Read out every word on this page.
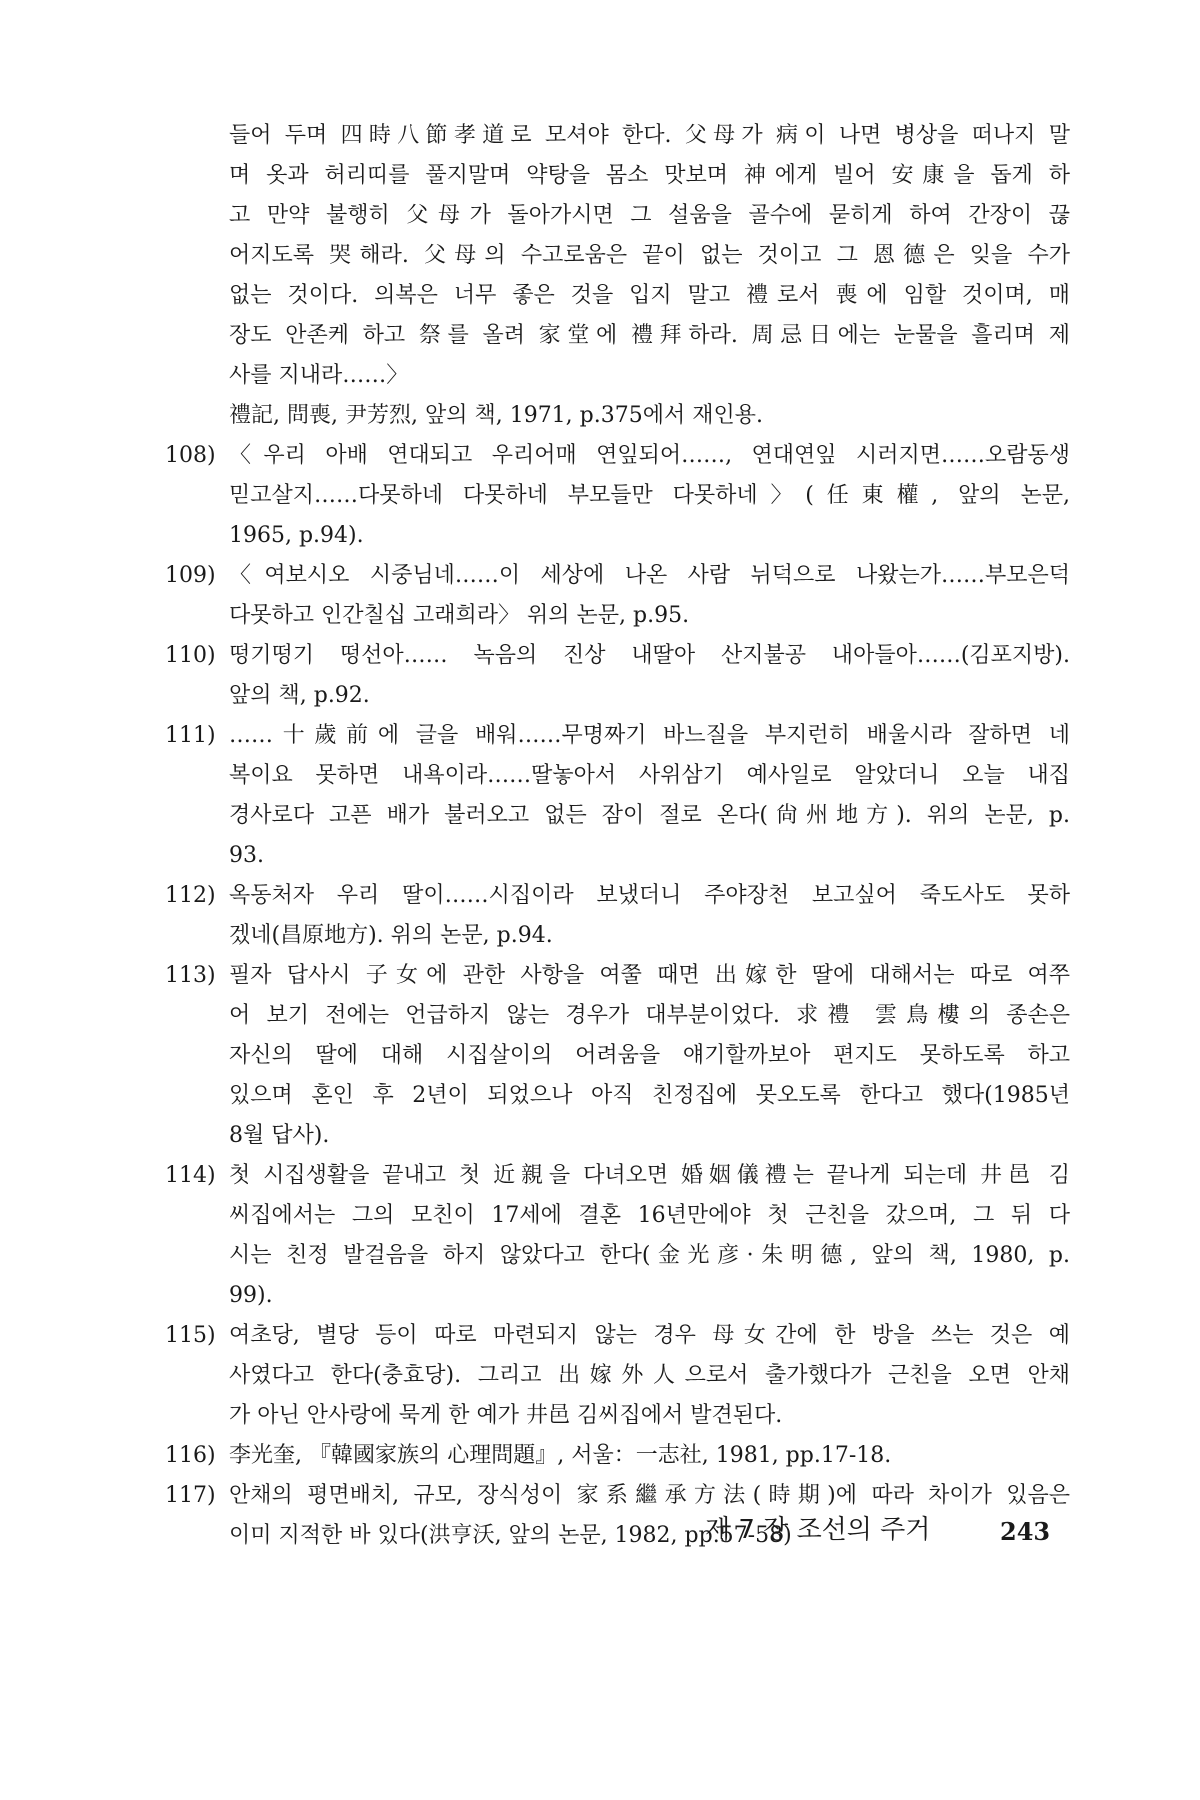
들어 두며 四時八節孝道로 모셔야 한다. 父母가 病이 나면 병상을 떠나지 말
며 옷과 허리띠를 풀지말며 약탕을 몸소 맛보며 神에게 빌어 安康을 돕게 하
고 만약 불행히 父母가 돌아가시면 그 설움을 골수에 묻히게 하여 간장이 끊
어지도록 哭해라. 父母의 수고로움은 끝이 없는 것이고 그 恩德은 잊을 수가
없는 것이다. 의복은 너무 좋은 것을 입지 말고 禮로서 喪에 임할 것이며, 매
장도 안존케 하고 祭를 올려 家堂에 禮拜하라. 周忌日에는 눈물을 흘리며 제
사를 지내라……〉
禮記, 問喪, 尹芳烈, 앞의 책, 1971, p.375에서 재인용.
108) 〈우리 아배 연대되고 우리어매 연잎되어……, 연대연잎 시러지면……오람동생
믿고살지……다못하네 다못하네 부모들만 다못하네〉(任東權, 앞의 논문,
1965, p.94).
109) 〈여보시오 시중님네……이 세상에 나온 사람 뉘덕으로 나왔는가……부모은덕
다못하고 인간칠십 고래희라〉 위의 논문, p.95.
110) 떵기떵기 떵선아…… 녹음의 진상 내딸아 산지불공 내아들아……(김포지방).
앞의 책, p.92.
111) ……十歲前에 글을 배워……무명짜기 바느질을 부지런히 배울시라 잘하면 네
복이요 못하면 내욕이라……딸놓아서 사위삼기 예사일로 알았더니 오늘 내집
경사로다 고픈 배가 불러오고 없든 잠이 절로 온다(尙州地方). 위의 논문, p.
93.
112) 옥동처자 우리 딸이……시집이라 보냈더니 주야장천 보고싶어 죽도사도 못하
겠네(昌原地方). 위의 논문, p.94.
113) 필자 답사시 子女에 관한 사항을 여쭐 때면 出嫁한 딸에 대해서는 따로 여쭈
어 보기 전에는 언급하지 않는 경우가 대부분이었다. 求禮 雲鳥樓의 종손은
자신의 딸에 대해 시집살이의 어려움을 얘기할까보아 편지도 못하도록 하고
있으며 혼인 후 2년이 되었으나 아직 친정집에 못오도록 한다고 했다(1985년
8월 답사).
114) 첫 시집생활을 끝내고 첫 近親을 다녀오면 婚姻儀禮는 끝나게 되는데 井邑 김
씨집에서는 그의 모친이 17세에 결혼 16년만에야 첫 근친을 갔으며, 그 뒤 다
시는 친정 발걸음을 하지 않았다고 한다(金光彦·朱明德, 앞의 책, 1980, p.
99).
115) 여초당, 별당 등이 따로 마련되지 않는 경우 母女간에 한 방을 쓰는 것은 예
사였다고 한다(충효당). 그리고 出嫁外人으로서 출가했다가 근친을 오면 안채
가 아닌 안사랑에 묵게 한 예가 井邑 김씨집에서 발견된다.
116) 李光奎, 『韓國家族의 心理問題』, 서울：一志社, 1981, pp.17-18.
117) 안채의 평면배치, 규모, 장식성이 家系繼承方法(時期)에 따라 차이가 있음은
이미 지적한 바 있다(洪亨沃, 앞의 논문, 1982, pp.57-58)
제 7 장 조선의 주거	243
